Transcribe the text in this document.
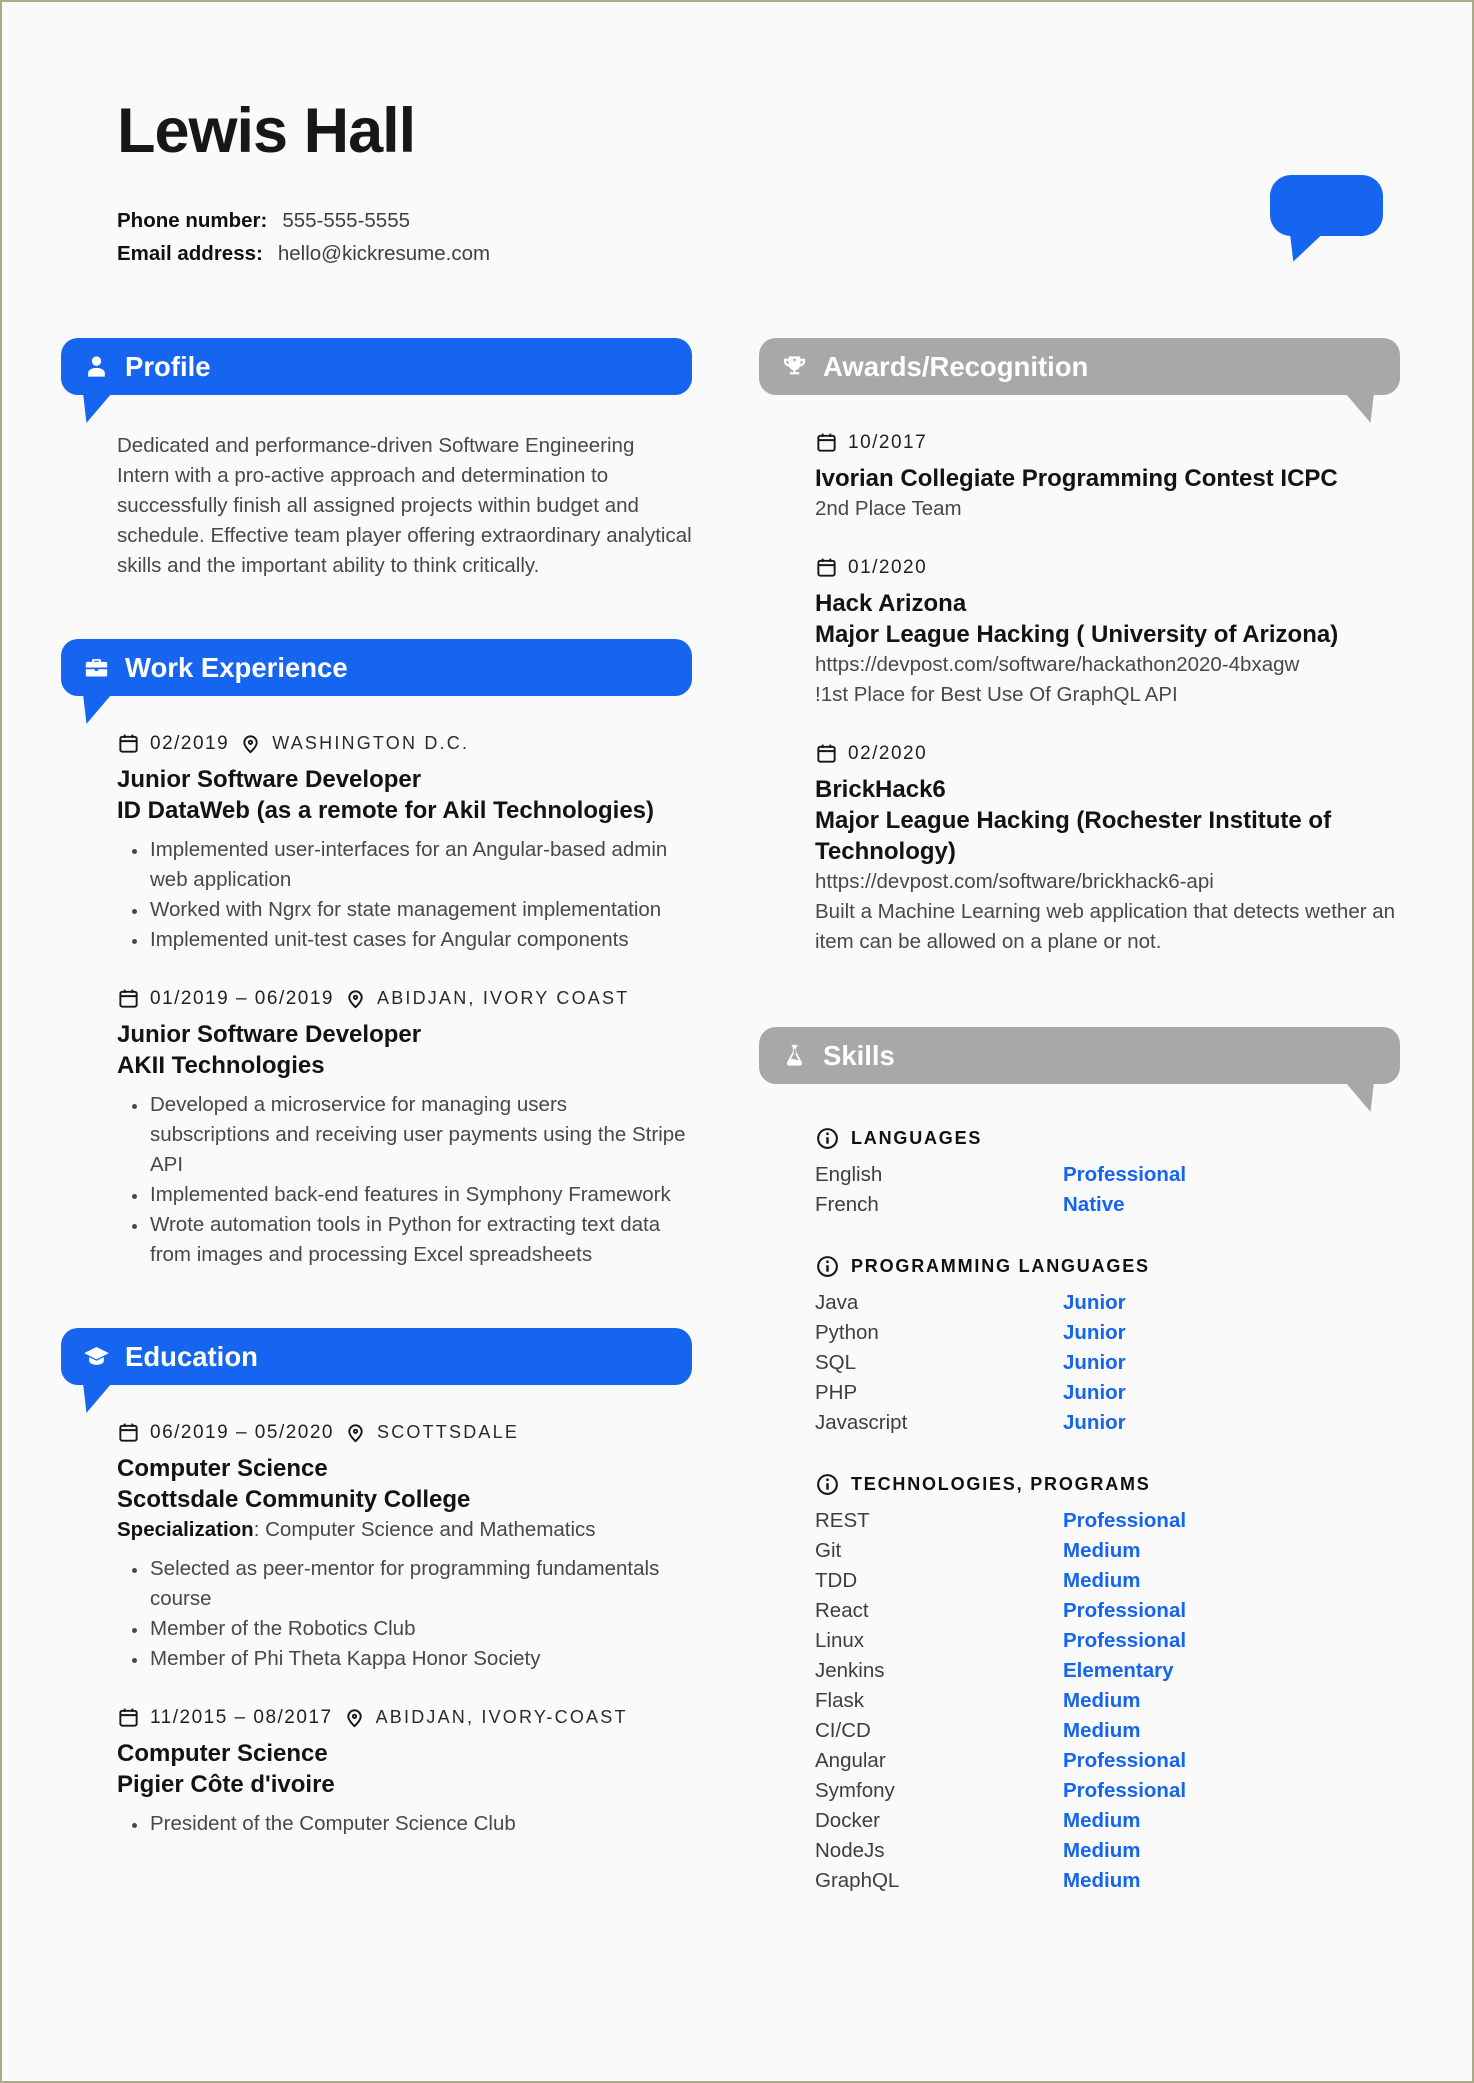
Lewis Hall
Phone number: 555-555-5555
Email address: hello@kickresume.com
Profile
Dedicated and performance-driven Software Engineering Intern with a pro-active approach and determination to successfully finish all assigned projects within budget and schedule. Effective team player offering extraordinary analytical skills and the important ability to think critically.
Work Experience
02/2019 WASHINGTON D.C.
Junior Software Developer
ID DataWeb (as a remote for Akil Technologies)
• Implemented user-interfaces for an Angular-based admin web application
• Worked with Ngrx for state management implementation
• Implemented unit-test cases for Angular components
01/2019 – 06/2019 ABIDJAN, IVORY COAST
Junior Software Developer
AKII Technologies
• Developed a microservice for managing users subscriptions and receiving user payments using the Stripe API
• Implemented back-end features in Symphony Framework
• Wrote automation tools in Python for extracting text data from images and processing Excel spreadsheets
Education
06/2019 – 05/2020 SCOTTSDALE
Computer Science
Scottsdale Community College
Specialization: Computer Science and Mathematics
• Selected as peer-mentor for programming fundamentals course
• Member of the Robotics Club
• Member of Phi Theta Kappa Honor Society
11/2015 – 08/2017 ABIDJAN, IVORY-COAST
Computer Science
Pigier Côte d'ivoire
• President of the Computer Science Club
Awards/Recognition
10/2017
Ivorian Collegiate Programming Contest ICPC
2nd Place Team
01/2020
Hack Arizona
Major League Hacking ( University of Arizona)
https://devpost.com/software/hackathon2020-4bxagw
!1st Place for Best Use Of GraphQL API
02/2020
BrickHack6
Major League Hacking (Rochester Institute of Technology)
https://devpost.com/software/brickhack6-api
Built a Machine Learning web application that detects wether an item can be allowed on a plane or not.
Skills
LANGUAGES
English	Professional
French	Native
PROGRAMMING LANGUAGES
Java	Junior
Python	Junior
SQL	Junior
PHP	Junior
Javascript	Junior
TECHNOLOGIES, PROGRAMS
REST	Professional
Git	Medium
TDD	Medium
React	Professional
Linux	Professional
Jenkins	Elementary
Flask	Medium
CI/CD	Medium
Angular	Professional
Symfony	Professional
Docker	Medium
NodeJs	Medium
GraphQL	Medium
